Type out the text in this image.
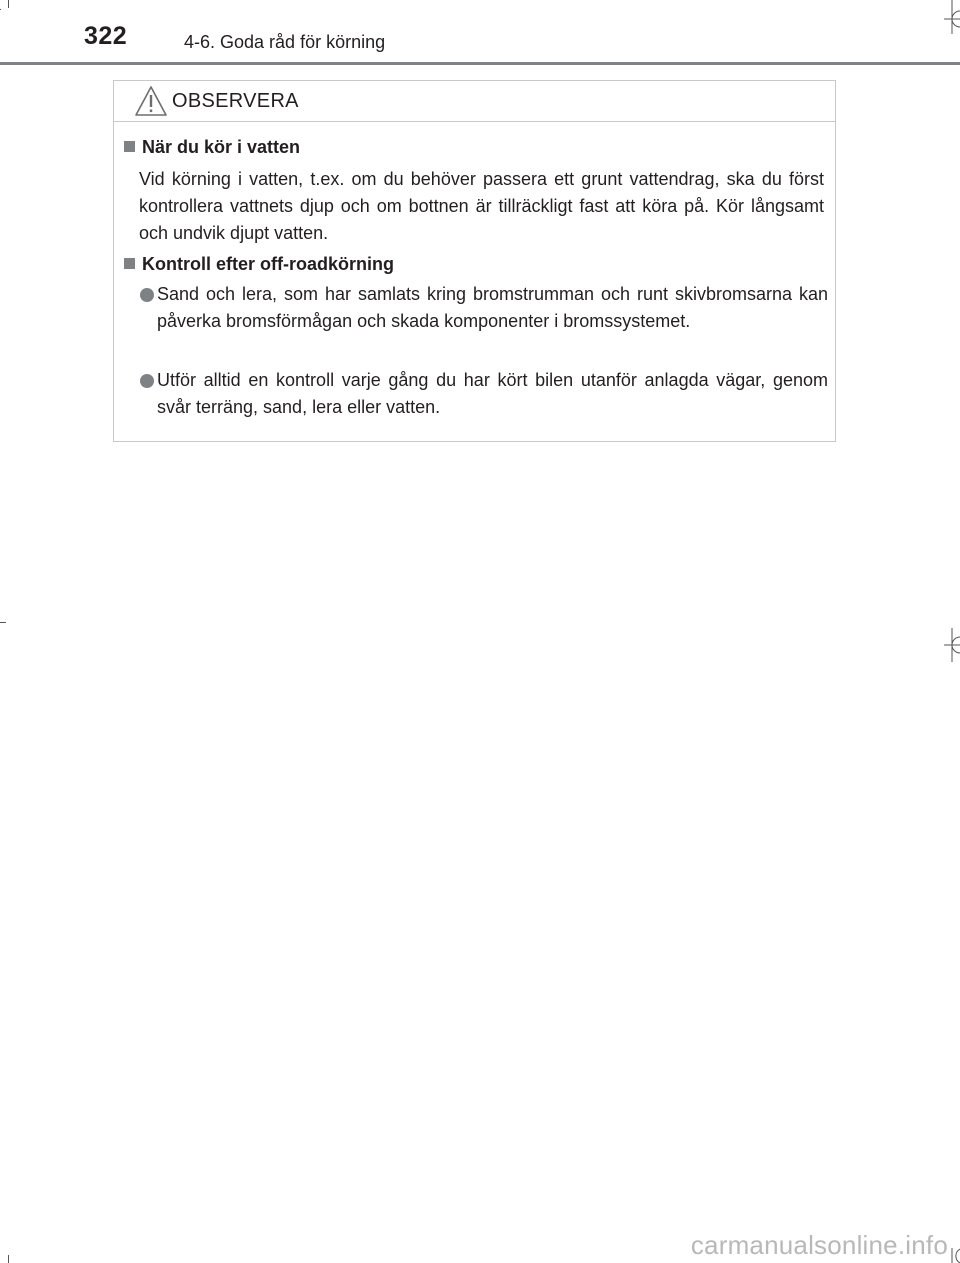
322	4-6. Goda råd för körning
OBSERVERA
När du kör i vatten
Vid körning i vatten, t.ex. om du behöver passera ett grunt vattendrag, ska du först kontrollera vattnets djup och om bottnen är tillräckligt fast att köra på. Kör långsamt och undvik djupt vatten.
Kontroll efter off-roadkörning
Sand och lera, som har samlats kring bromstrumman och runt skivbromsarna kan påverka bromsförmågan och skada komponenter i bromssystemet.
Utför alltid en kontroll varje gång du har kört bilen utanför anlagda vägar, genom svår terräng, sand, lera eller vatten.
carmanualsonline.info
